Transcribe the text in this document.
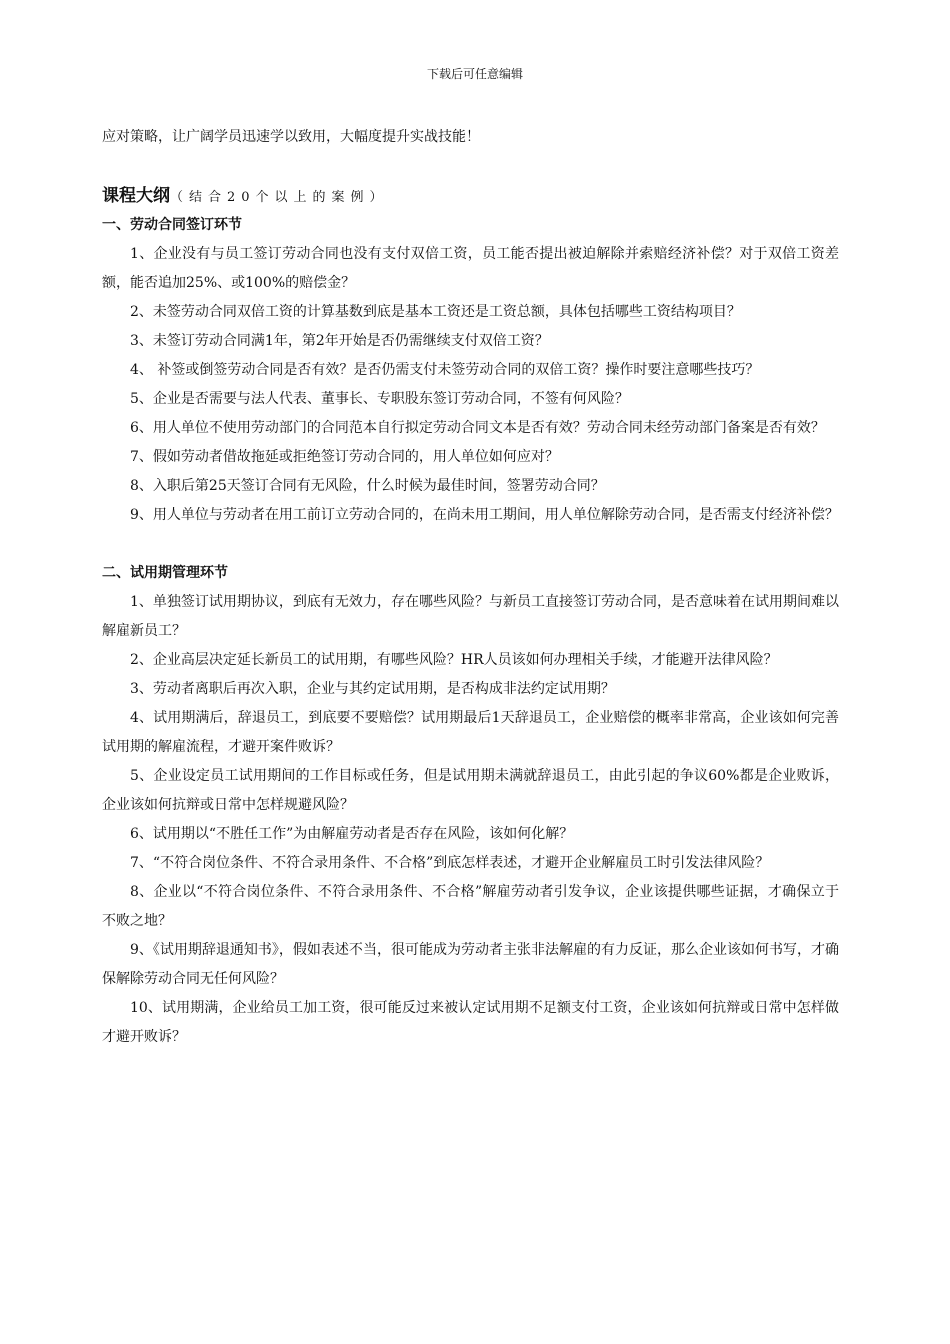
下载后可任意编辑

应对策略，让广阔学员迅速学以致用，大幅度提升实战技能！

课程大纲（结合20个以上的案例）

一、劳动合同签订环节

1、企业没有与员工签订劳动合同也没有支付双倍工资，员工能否提出被迫解除并索赔经济补偿？对于双倍工资差额，能否追加25%、或100%的赔偿金？

2、未签劳动合同双倍工资的计算基数到底是基本工资还是工资总额，具体包括哪些工资结构项目？

3、未签订劳动合同满1年，第2年开始是否仍需继续支付双倍工资？

4、 补签或倒签劳动合同是否有效？是否仍需支付未签劳动合同的双倍工资？操作时要注意哪些技巧？

5、企业是否需要与法人代表、董事长、专职股东签订劳动合同，不签有何风险？

6、用人单位不使用劳动部门的合同范本自行拟定劳动合同文本是否有效？劳动合同未经劳动部门备案是否有效？

7、假如劳动者借故拖延或拒绝签订劳动合同的，用人单位如何应对？

8、入职后第25天签订合同有无风险，什么时候为最佳时间，签署劳动合同？

9、用人单位与劳动者在用工前订立劳动合同的，在尚未用工期间，用人单位解除劳动合同，是否需支付经济补偿？

二、试用期管理环节

1、单独签订试用期协议，到底有无效力，存在哪些风险？与新员工直接签订劳动合同，是否意味着在试用期间难以解雇新员工？

2、企业高层决定延长新员工的试用期，有哪些风险？HR人员该如何办理相关手续，才能避开法律风险？

3、劳动者离职后再次入职，企业与其约定试用期，是否构成非法约定试用期？

4、试用期满后，辞退员工，到底要不要赔偿？试用期最后1天辞退员工，企业赔偿的概率非常高，企业该如何完善试用期的解雇流程，才避开案件败诉？

5、企业设定员工试用期间的工作目标或任务，但是试用期未满就辞退员工，由此引起的争议60%都是企业败诉，企业该如何抗辩或日常中怎样规避风险？

6、试用期以“不胜任工作”为由解雇劳动者是否存在风险，该如何化解？

7、“不符合岗位条件、不符合录用条件、不合格”到底怎样表述，才避开企业解雇员工时引发法律风险？

8、企业以“不符合岗位条件、不符合录用条件、不合格”解雇劳动者引发争议，企业该提供哪些证据，才确保立于不败之地？

9、《试用期辞退通知书》，假如表述不当，很可能成为劳动者主张非法解雇的有力反证，那么企业该如何书写，才确保解除劳动合同无任何风险？

10、试用期满，企业给员工加工资，很可能反过来被认定试用期不足额支付工资，企业该如何抗辩或日常中怎样做才避开败诉？
